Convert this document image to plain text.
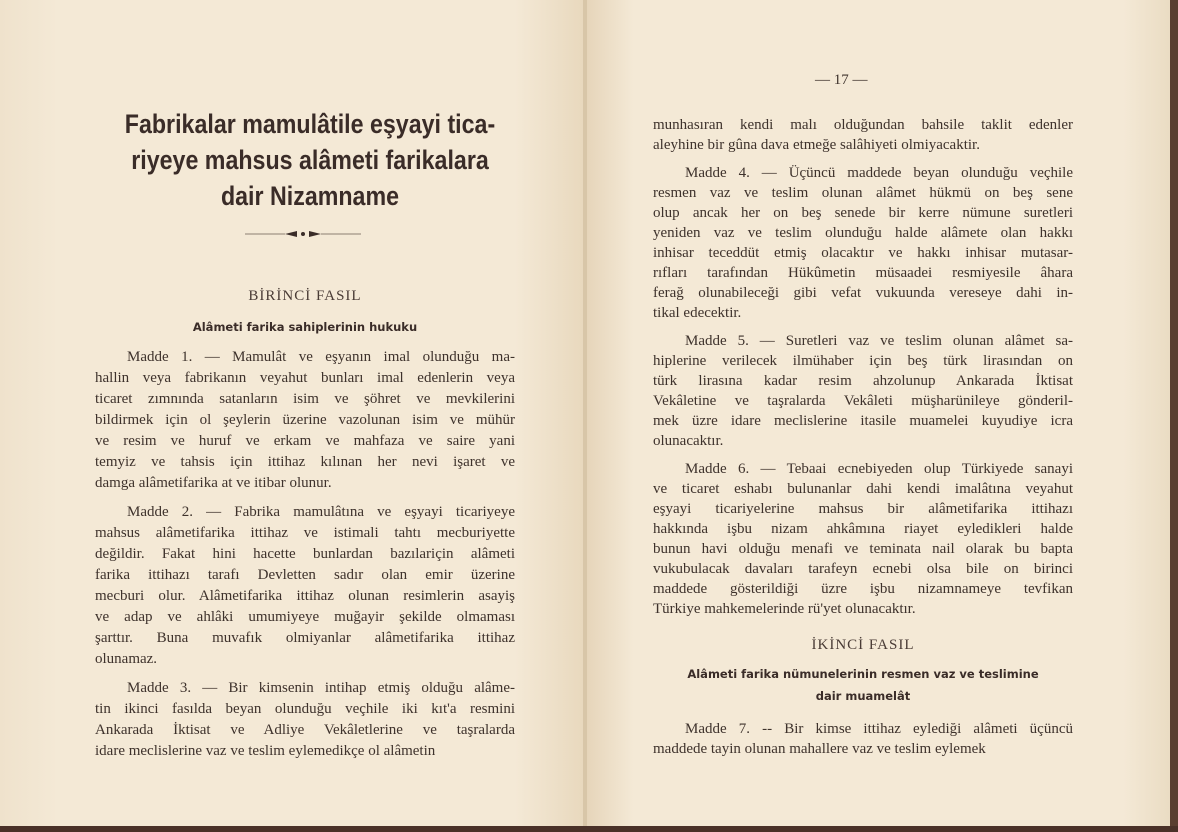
Fabrikalar mamulâtile eşyayi tica-
riyeye mahsus alâmeti farikalara
dair Nizamname
BİRİNCİ FASIL
Alâmeti farika sahiplerinin hukuku
Madde 1. — Mamulât ve eşyanın imal olunduğu ma-
hallin veya fabrikanın veyahut bunları imal edenlerin veya
ticaret zımnında satanların isim ve şöhret ve mevkilerini
bildirmek için ol şeylerin üzerine vazolunan isim ve mühür
ve resim ve huruf ve erkam ve mahfaza ve saire yani
temyiz ve tahsis için ittihaz kılınan her nevi işaret ve
damga alâmetifarika at ve itibar olunur.
Madde 2. — Fabrika mamulâtına ve eşyayi ticariyeye
mahsus alâmetifarika ittihaz ve istimali tahtı mecburiyette
değildir. Fakat hini hacette bunlardan bazılariçin alâmeti
farika ittihazı tarafı Devletten sadır olan emir üzerine
mecburi olur. Alâmetifarika ittihaz olunan resimlerin asayiş
ve adap ve ahlâki umumiyeye muğayir şekilde olmaması
şarttır. Buna muvafık olmiyanlar alâmetifarika ittihaz
olunamaz.
Madde 3. — Bir kimsenin intihap etmiş olduğu alâme-
tin ikinci fasılda beyan olunduğu veçhile iki kıt'a resmini
Ankarada İktisat ve Adliye Vekâletlerine ve taşralarda
idare meclislerine vaz ve teslim eylemedikçe ol alâmetin
— 17 —
munhasıran kendi malı olduğundan bahsile taklit edenler
aleyhine bir gûna dava etmeğe salâhiyeti olmiyacaktir.
Madde 4. — Üçüncü maddede beyan olunduğu veçhile
resmen vaz ve teslim olunan alâmet hükmü on beş sene
olup ancak her on beş senede bir kerre nümune suretleri
yeniden vaz ve teslim olunduğu halde alâmete olan hakkı
inhisar teceddüt etmiş olacaktır ve hakkı inhisar mutasar-
rıfları tarafından Hükûmetin müsaadei resmiyesile âhara
ferağ olunabileceği gibi vefat vukuunda vereseye dahi in-
tikal edecektir.
Madde 5. — Suretleri vaz ve teslim olunan alâmet sa-
hiplerine verilecek ilmühaber için beş türk lirasından on
türk lirasına kadar resim ahzolunup Ankarada İktisat
Vekâletine ve taşralarda Vekâleti müşharünileye gönderil-
mek üzre idare meclislerine itasile muamelei kuyudiye icra
olunacaktır.
Madde 6. — Tebaai ecnebiyeden olup Türkiyede sanayi
ve ticaret eshabı bulunanlar dahi kendi imalâtına veyahut
eşyayi ticariyelerine mahsus bir alâmetifarika ittihazı
hakkında işbu nizam ahkâmına riayet eyledikleri halde
bunun havi olduğu menafi ve teminata nail olarak bu bapta
vukubulacak davaları tarafeyn ecnebi olsa bile on birinci
maddede gösterildiği üzre işbu nizamnameye tevfikan
Türkiye mahkemelerinde rü'yet olunacaktır.
İKİNCİ FASIL
Alâmeti farika nümunelerinin resmen vaz ve teslimine
dair muamelât
Madde 7. -- Bir kimse ittihaz eylediği alâmeti üçüncü
maddede tayin olunan mahallere vaz ve teslim eylemek
